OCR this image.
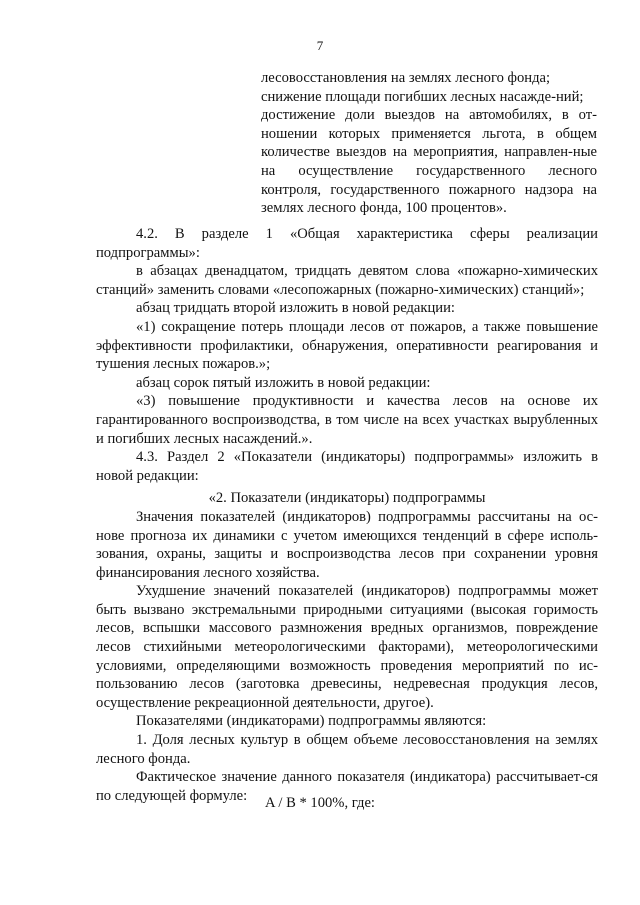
7

лесовосстановления на землях лесного фонда;

снижение площади погибших лесных насажде-ний;

достижение доли выездов на автомобилях, в от-ношении которых применяется льгота, в общем количестве выездов на мероприятия, направлен-ные на осуществление государственного лесного контроля, государственного пожарного надзора на землях лесного фонда, 100 процентов».

4.2. В разделе 1 «Общая характеристика сферы реализации подпрограммы»:

в абзацах двенадцатом, тридцать девятом слова «пожарно-химических станций» заменить словами «лесопожарных (пожарно-химических) станций»;

абзац тридцать второй изложить в новой редакции:

«1) сокращение потерь площади лесов от пожаров, а также повышение эффективности профилактики, обнаружения, оперативности реагирования и тушения лесных пожаров.»;

абзац сорок пятый изложить в новой редакции:

«3) повышение продуктивности и качества лесов на основе их гарантированного воспроизводства, в том числе на всех участках вырубленных и погибших лесных насаждений.».

4.3. Раздел 2 «Показатели (индикаторы) подпрограммы» изложить в новой редакции:

«2. Показатели (индикаторы) подпрограммы

Значения показателей (индикаторов) подпрограммы рассчитаны на ос-нове прогноза их динамики с учетом имеющихся тенденций в сфере исполь-зования, охраны, защиты и воспроизводства лесов при сохранении уровня финансирования лесного хозяйства.

Ухудшение значений показателей (индикаторов) подпрограммы может быть вызвано экстремальными природными ситуациями (высокая горимость лесов, вспышки массового размножения вредных организмов, повреждение лесов стихийными метеорологическими факторами), метеорологическими условиями, определяющими возможность проведения мероприятий по ис-пользованию лесов (заготовка древесины, недревесная продукция лесов, осуществление рекреационной деятельности, другое).

Показателями (индикаторами) подпрограммы являются:

1. Доля лесных культур в общем объеме лесовосстановления на землях лесного фонда.

Фактическое значение данного показателя (индикатора) рассчитывает-ся по следующей формуле:	A / B * 100%, где:
